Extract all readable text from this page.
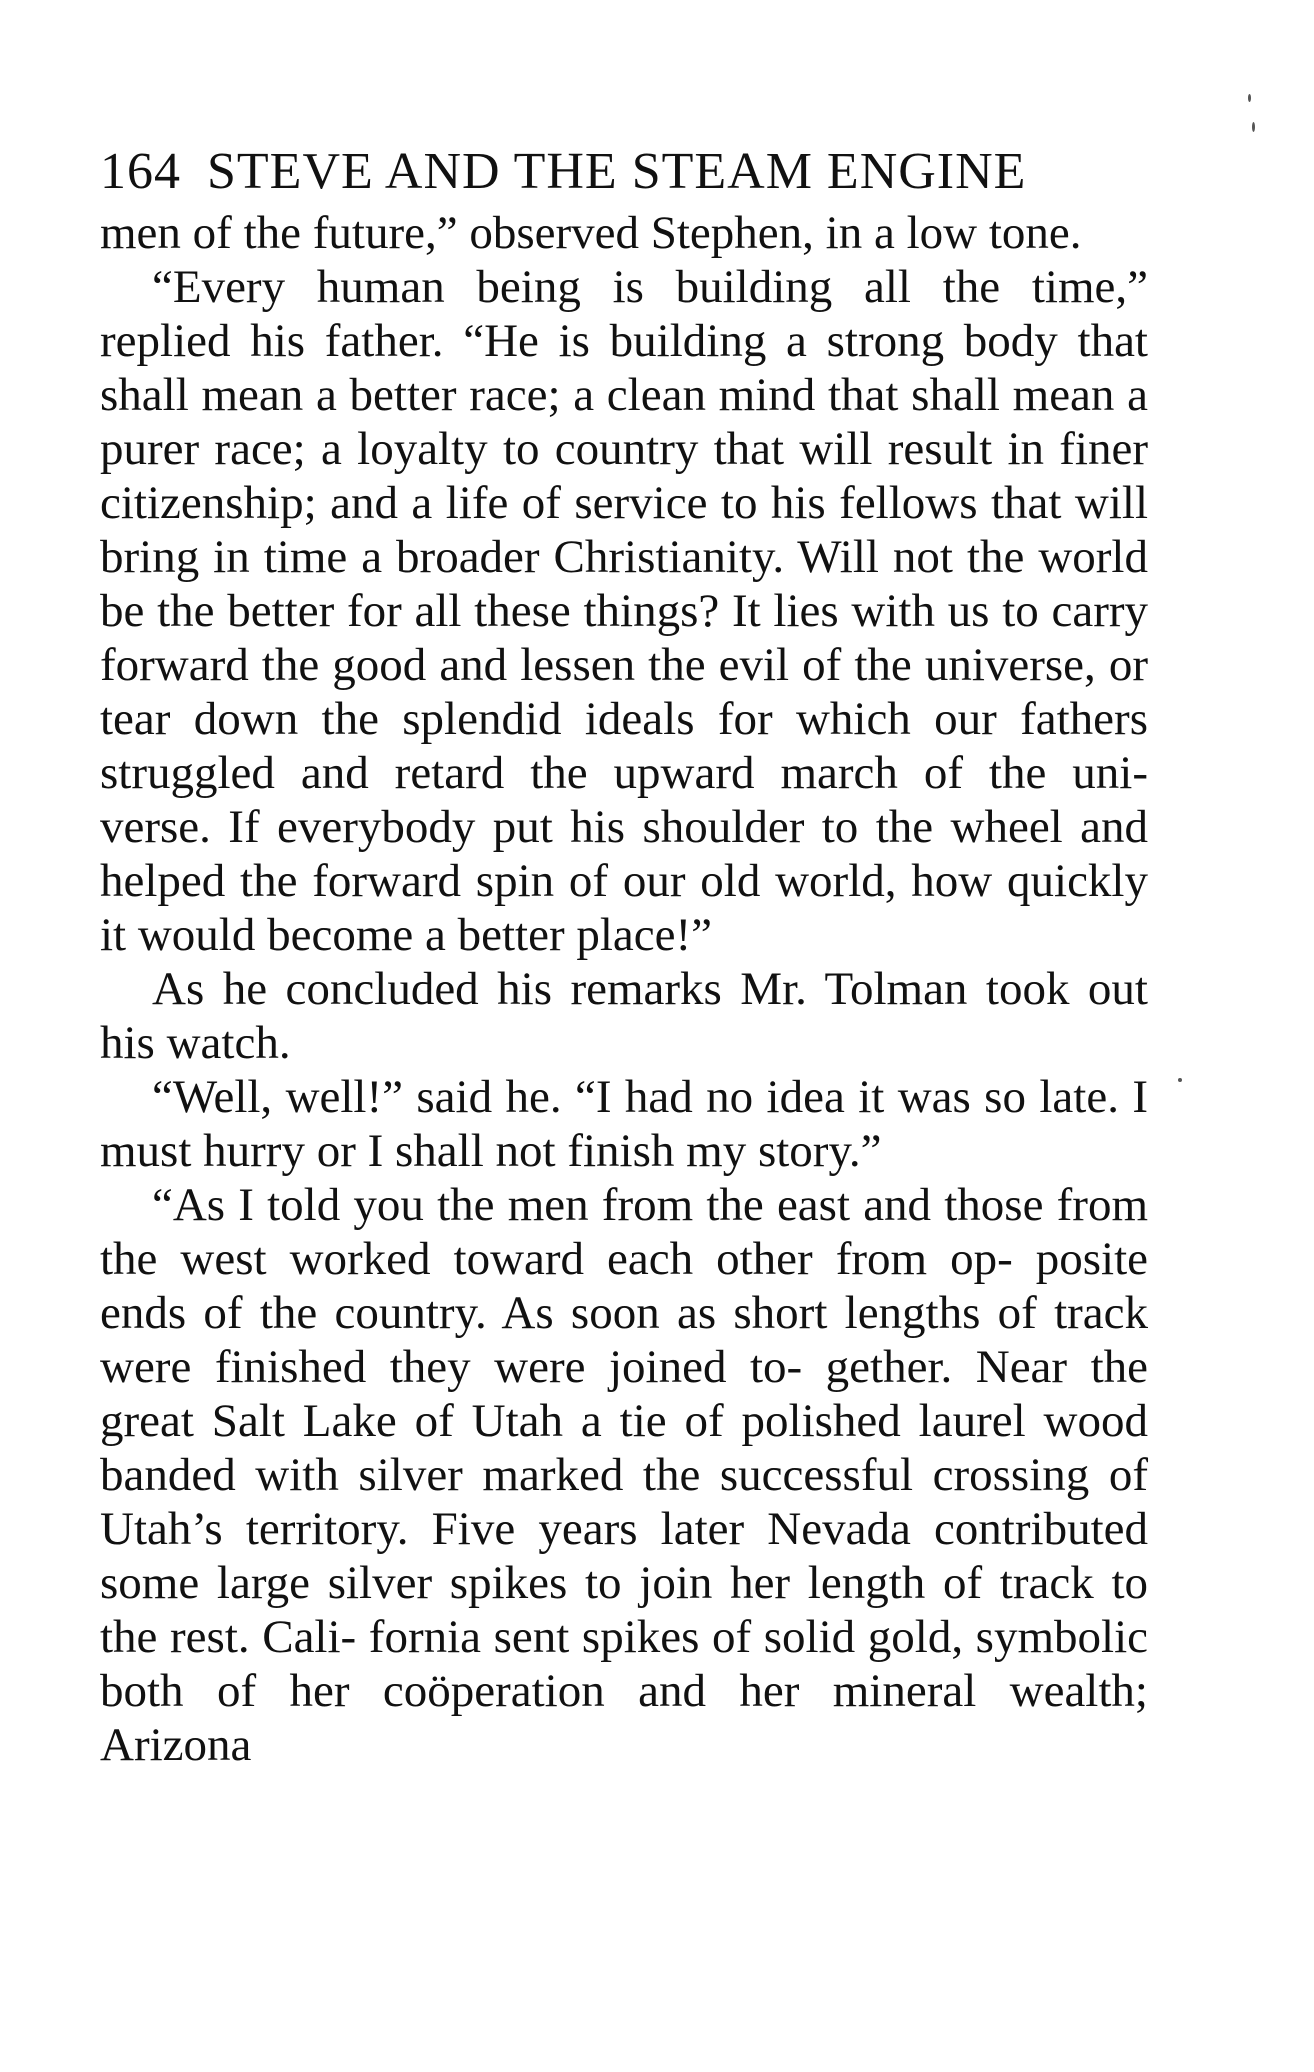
164 STEVE AND THE STEAM ENGINE

men of the future,” observed Stephen, in a low tone.

“Every human being is building all the time,” replied his father. “He is building a strong body that shall mean a better race; a clean mind that shall mean a purer race; a loyalty to country that will result in finer citizenship; and a life of service to his fellows that will bring in time a broader Christianity. Will not the world be the better for all these things? It lies with us to carry forward the good and lessen the evil of the universe, or tear down the splendid ideals for which our fathers struggled and retard the upward march of the uni- verse. If everybody put his shoulder to the wheel and helped the forward spin of our old world, how quickly it would become a better place!”

As he concluded his remarks Mr. Tolman took out his watch.

“Well, well!” said he. “I had no idea it was so late. I must hurry or I shall not finish my story.”

“As I told you the men from the east and those from the west worked toward each other from op- posite ends of the country. As soon as short lengths of track were finished they were joined to- gether. Near the great Salt Lake of Utah a tie of polished laurel wood banded with silver marked the successful crossing of Utah’s territory. Five years later Nevada contributed some large silver spikes to join her length of track to the rest. Cali- fornia sent spikes of solid gold, symbolic both of her coöperation and her mineral wealth; Arizona
